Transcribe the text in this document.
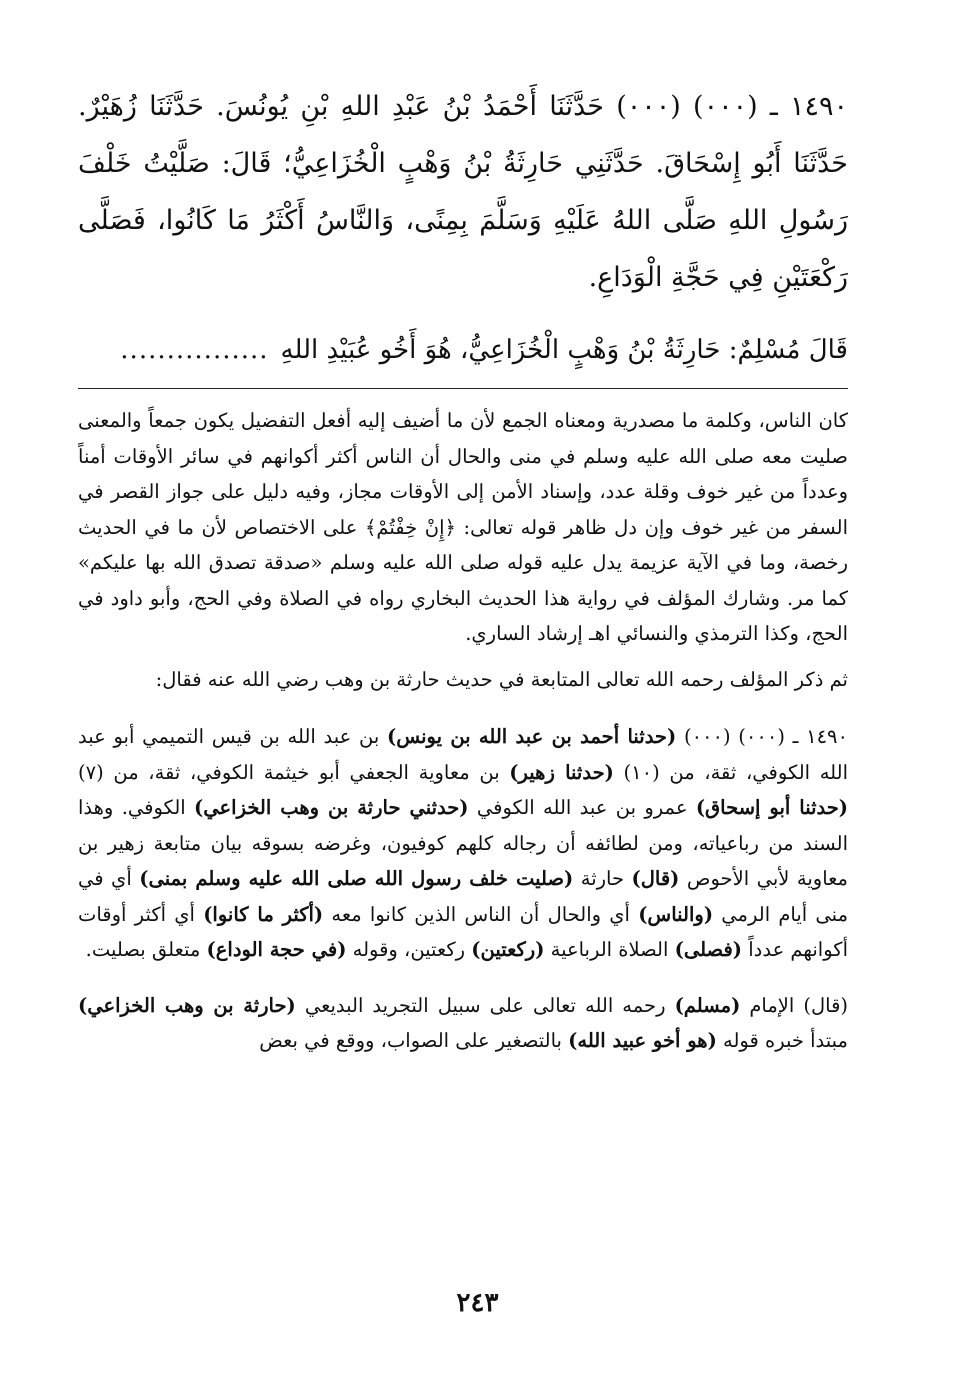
١٤٩٠ ـ (٠٠٠) (٠٠٠) حَدَّثَنَا أَحْمَدُ بْنُ عَبْدِ اللهِ بْنِ يُونُسَ. حَدَّثَنَا زُهَيْرٌ. حَدَّثَنَا أَبُو إِسْحَاقَ. حَدَّثَنِي حَارِثَةُ بْنُ وَهْبٍ الْخُزَاعِيُّ؛ قَالَ: صَلَّيْتُ خَلْفَ رَسُولِ اللهِ صَلَّى اللهُ عَلَيْهِ وَسَلَّمَ بِمِنًى، وَالنَّاسُ أَكْثَرُ مَا كَانُوا، فَصَلَّى رَكْعَتَيْنِ فِي حَجَّةِ الْوَدَاعِ.

قَالَ مُسْلِمٌ: حَارِثَةُ بْنُ وَهْبٍ الْخُزَاعِيُّ، هُوَ أَخُو عُبَيْدِ اللهِ
................

كان الناس، وكلمة ما مصدرية ومعناه الجمع لأن ما أضيف إليه أفعل التفضيل يكون جمعاً والمعنى صليت معه صلى الله عليه وسلم في منى والحال أن الناس أكثر أكوانهم في سائر الأوقات أمناً وعدداً من غير خوف وقلة عدد، وإسناد الأمن إلى الأوقات مجاز، وفيه دليل على جواز القصر في السفر من غير خوف وإن دل ظاهر قوله تعالى: ﴿إِنْ خِفْتُمْ﴾ على الاختصاص لأن ما في الحديث رخصة، وما في الآية عزيمة يدل عليه قوله صلى الله عليه وسلم «صدقة تصدق الله بها عليكم» كما مر. وشارك المؤلف في رواية هذا الحديث البخاري رواه في الصلاة وفي الحج، وأبو داود في الحج، وكذا الترمذي والنسائي اهـ إرشاد الساري.

ثم ذكر المؤلف رحمه الله تعالى المتابعة في حديث حارثة بن وهب رضي الله عنه فقال:

١٤٩٠ ـ (٠٠٠) (٠٠٠) (حدثنا أحمد بن عبد الله بن يونس) بن عبد الله بن قيس التميمي أبو عبد الله الكوفي، ثقة، من (١٠) (حدثنا زهير) بن معاوية الجعفي أبو خيثمة الكوفي، ثقة، من (٧) (حدثنا أبو إسحاق) عمرو بن عبد الله الكوفي (حدثني حارثة بن وهب الخزاعي) الكوفي. وهذا السند من رباعياته، ومن لطائفه أن رجاله كلهم كوفيون، وغرضه بسوقه بيان متابعة زهير بن معاوية لأبي الأحوص (قال) حارثة (صليت خلف رسول الله صلى الله عليه وسلم بمنى) أي في منى أيام الرمي (والناس) أي والحال أن الناس الذين كانوا معه (أكثر ما كانوا) أي أكثر أوقات أكوانهم عدداً (فصلى) الصلاة الرباعية (ركعتين) ركعتين، وقوله (في حجة الوداع) متعلق بصليت.

(قال) الإمام (مسلم) رحمه الله تعالى على سبيل التجريد البديعي (حارثة بن وهب الخزاعي) مبتدأ خبره قوله (هو أخو عبيد الله) بالتصغير على الصواب، ووقع في بعض

٢٤٣
